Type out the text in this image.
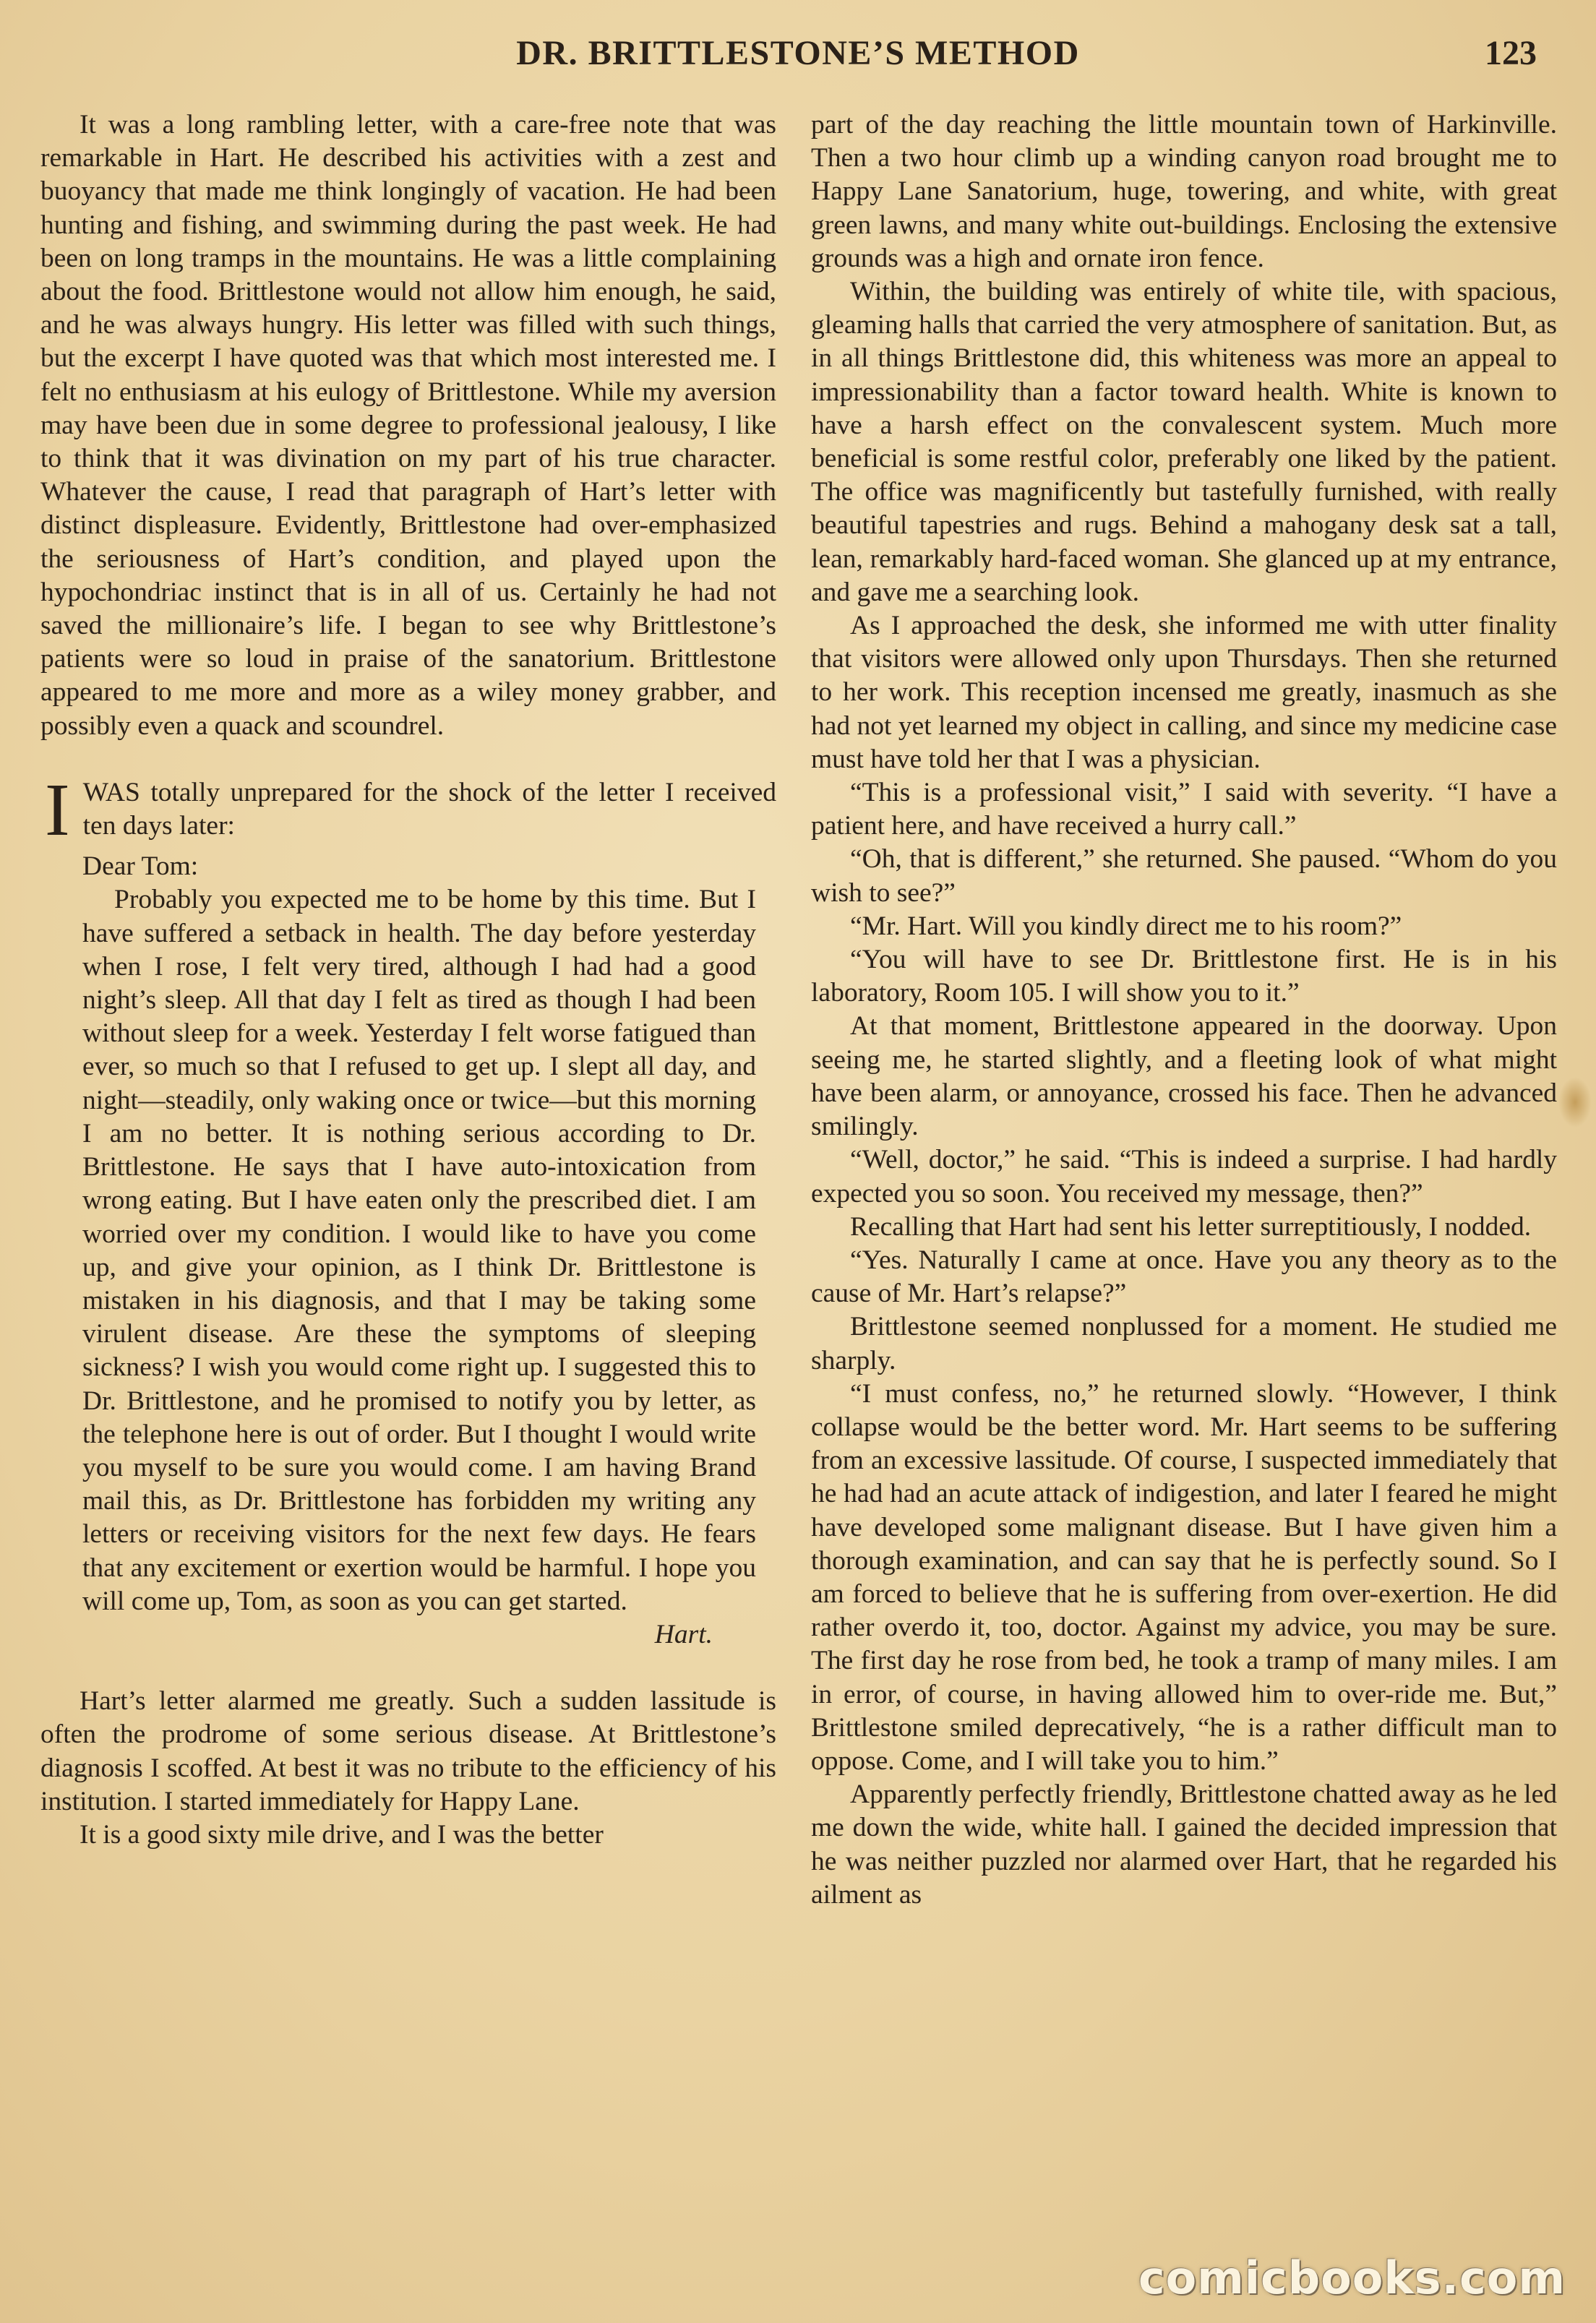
DR. BRITTLESTONE’S METHOD	123

It was a long rambling letter, with a care-free note that was remarkable in Hart. He described his activities with a zest and buoyancy that made me think longingly of vacation. He had been hunting and fishing, and swimming during the past week. He had been on long tramps in the mountains. He was a little complaining about the food. Brittlestone would not allow him enough, he said, and he was always hungry. His letter was filled with such things, but the excerpt I have quoted was that which most interested me. I felt no enthusiasm at his eulogy of Brittlestone. While my aversion may have been due in some degree to professional jealousy, I like to think that it was divination on my part of his true character. Whatever the cause, I read that paragraph of Hart’s letter with distinct displeasure. Evidently, Brittlestone had over-emphasized the seriousness of Hart’s condition, and played upon the hypochondriac instinct that is in all of us. Certainly he had not saved the millionaire’s life. I began to see why Brittlestone’s patients were so loud in praise of the sanatorium. Brittlestone appeared to me more and more as a wiley money grabber, and possibly even a quack and scoundrel.

IWAS totally unprepared for the shock of the letter I received ten days later:

Dear Tom:

Probably you expected me to be home by this time. But I have suffered a setback in health. The day before yesterday when I rose, I felt very tired, although I had had a good night’s sleep. All that day I felt as tired as though I had been without sleep for a week. Yesterday I felt worse fatigued than ever, so much so that I refused to get up. I slept all day, and night—steadily, only waking once or twice—but this morning I am no better. It is nothing serious according to Dr. Brittlestone. He says that I have auto-intoxication from wrong eating. But I have eaten only the prescribed diet. I am worried over my condition. I would like to have you come up, and give your opinion, as I think Dr. Brittlestone is mistaken in his diagnosis, and that I may be taking some virulent disease. Are these the symptoms of sleeping sickness? I wish you would come right up. I suggested this to Dr. Brittlestone, and he promised to notify you by letter, as the telephone here is out of order. But I thought I would write you myself to be sure you would come. I am having Brand mail this, as Dr. Brittlestone has forbidden my writing any letters or receiving visitors for the next few days. He fears that any excitement or exertion would be harmful. I hope you will come up, Tom, as soon as you can get started.

Hart.

Hart’s letter alarmed me greatly. Such a sudden lassitude is often the prodrome of some serious disease. At Brittlestone’s diagnosis I scoffed. At best it was no tribute to the efficiency of his institution. I started immediately for Happy Lane.

It is a good sixty mile drive, and I was the better

part of the day reaching the little mountain town of Harkinville. Then a two hour climb up a winding canyon road brought me to Happy Lane Sanatorium, huge, towering, and white, with great green lawns, and many white out-buildings. Enclosing the extensive grounds was a high and ornate iron fence.

Within, the building was entirely of white tile, with spacious, gleaming halls that carried the very atmosphere of sanitation. But, as in all things Brittlestone did, this whiteness was more an appeal to impressionability than a factor toward health. White is known to have a harsh effect on the convalescent system. Much more beneficial is some restful color, preferably one liked by the patient. The office was magnificently but tastefully furnished, with really beautiful tapestries and rugs. Behind a mahogany desk sat a tall, lean, remarkably hard-faced woman. She glanced up at my entrance, and gave me a searching look.

As I approached the desk, she informed me with utter finality that visitors were allowed only upon Thursdays. Then she returned to her work. This reception incensed me greatly, inasmuch as she had not yet learned my object in calling, and since my medicine case must have told her that I was a physician.

“This is a professional visit,” I said with severity. “I have a patient here, and have received a hurry call.”

“Oh, that is different,” she returned. She paused. “Whom do you wish to see?”

“Mr. Hart. Will you kindly direct me to his room?”

“You will have to see Dr. Brittlestone first. He is in his laboratory, Room 105. I will show you to it.”

At that moment, Brittlestone appeared in the doorway. Upon seeing me, he started slightly, and a fleeting look of what might have been alarm, or annoyance, crossed his face. Then he advanced smilingly.

“Well, doctor,” he said. “This is indeed a surprise. I had hardly expected you so soon. You received my message, then?”

Recalling that Hart had sent his letter surreptitiously, I nodded.

“Yes. Naturally I came at once. Have you any theory as to the cause of Mr. Hart’s relapse?”

Brittlestone seemed nonplussed for a moment. He studied me sharply.

“I must confess, no,” he returned slowly. “However, I think collapse would be the better word. Mr. Hart seems to be suffering from an excessive lassitude. Of course, I suspected immediately that he had had an acute attack of indigestion, and later I feared he might have developed some malignant disease. But I have given him a thorough examination, and can say that he is perfectly sound. So I am forced to believe that he is suffering from over-exertion. He did rather overdo it, too, doctor. Against my advice, you may be sure. The first day he rose from bed, he took a tramp of many miles. I am in error, of course, in having allowed him to over-ride me. But,” Brittlestone smiled deprecatively, “he is a rather difficult man to oppose. Come, and I will take you to him.”

Apparently perfectly friendly, Brittlestone chatted away as he led me down the wide, white hall. I gained the decided impression that he was neither puzzled nor alarmed over Hart, that he regarded his ailment as

comicbooks.com
